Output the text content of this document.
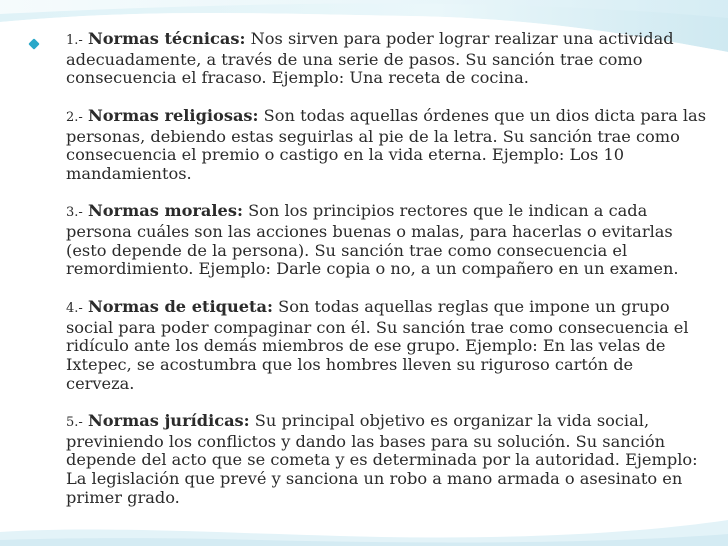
1.- Normas técnicas: Nos sirven para poder lograr realizar una actividad adecuadamente, a través de una serie de pasos. Su sanción trae como consecuencia el fracaso. Ejemplo: Una receta de cocina.

2.- Normas religiosas: Son todas aquellas órdenes que un dios dicta para las personas, debiendo estas seguirlas al pie de la letra. Su sanción trae como consecuencia el premio o castigo en la vida eterna. Ejemplo: Los 10 mandamientos.

3.- Normas morales: Son los principios rectores que le indican a cada persona cuáles son las acciones buenas o malas, para hacerlas o evitarlas (esto depende de la persona). Su sanción trae como consecuencia el remordimiento. Ejemplo: Darle copia o no, a un compañero en un examen.

4.- Normas de etiqueta: Son todas aquellas reglas que impone un grupo social para poder compaginar con él. Su sanción trae como consecuencia el ridículo ante los demás miembros de ese grupo. Ejemplo: En las velas de Ixtepec, se acostumbra que los hombres lleven su riguroso cartón de cerveza.

5.- Normas jurídicas: Su principal objetivo es organizar la vida social, previniendo los conflictos y dando las bases para su solución. Su sanción depende del acto que se cometa y es determinada por la autoridad. Ejemplo: La legislación que prevé y sanciona un robo a mano armada o asesinato en primer grado.
